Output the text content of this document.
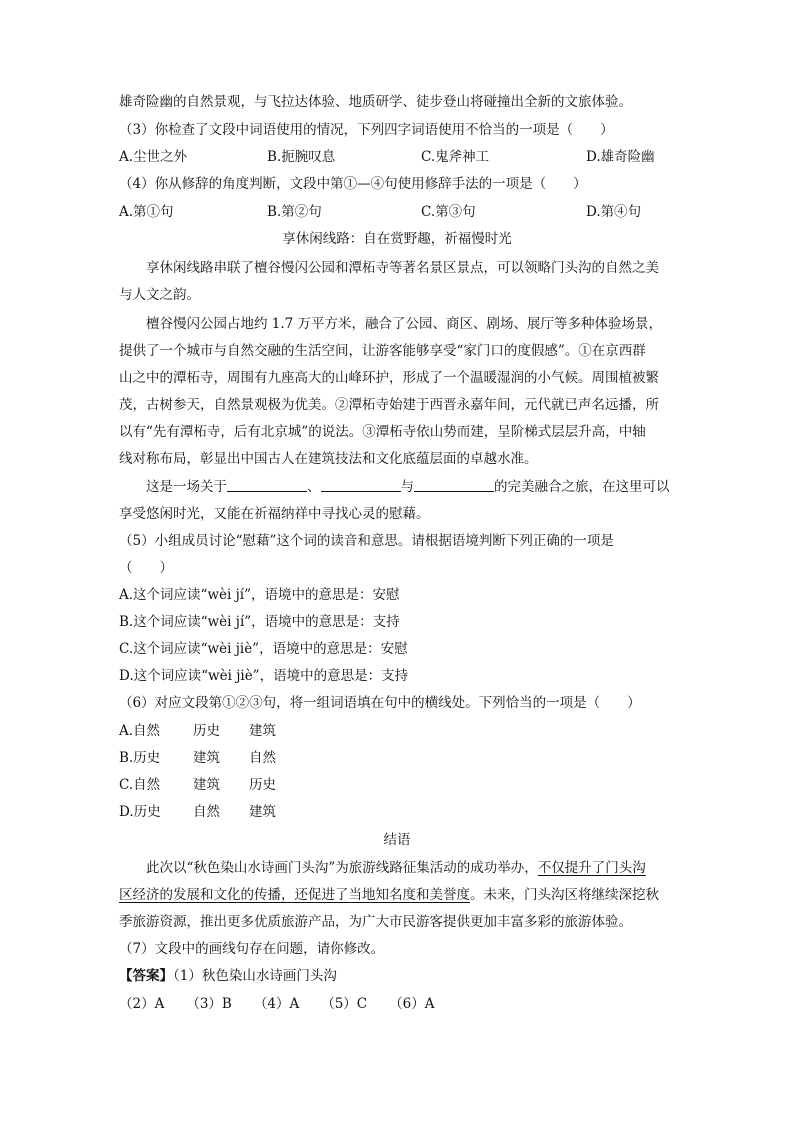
雄奇险幽的自然景观，与飞拉达体验、地质研学、徒步登山将碰撞出全新的文旅体验。
（3）你检查了文段中词语使用的情况，下列四字词语使用不恰当的一项是（　　）
A.尘世之外	B.扼腕叹息	C.鬼斧神工	D.雄奇险幽
（4）你从修辞的角度判断，文段中第①—④句使用修辞手法的一项是（　　）
A.第①句	B.第②句	C.第③句	D.第④句
享休闲线路：自在赏野趣，祈福慢时光
享休闲线路串联了檀谷慢闪公园和潭柘寺等著名景区景点，可以领略门头沟的自然之美
与人文之韵。
檀谷慢闪公园占地约 1.7 万平方米，融合了公园、商区、剧场、展厅等多种体验场景，
提供了一个城市与自然交融的生活空间，让游客能够享受“家门口的度假感”。①在京西群
山之中的潭柘寺，周围有九座高大的山峰环护，形成了一个温暖湿润的小气候。周围植被繁
茂，古树参天，自然景观极为优美。②潭柘寺始建于西晋永嘉年间，元代就已声名远播，所
以有“先有潭柘寺，后有北京城”的说法。③潭柘寺依山势而建，呈阶梯式层层升高，中轴
线对称布局，彰显出中国古人在建筑技法和文化底蕴层面的卓越水准。
这是一场关于	、	与	的完美融合之旅，在这里可以
享受悠闲时光，又能在祈福纳祥中寻找心灵的慰藉。
（5）小组成员讨论“慰藉”这个词的读音和意思。请根据语境判断下列正确的一项是
（　　）
A.这个词应读“wèi jí”，语境中的意思是：安慰
B.这个词应读“wèi jí”，语境中的意思是：支持
C.这个词应读“wèi jiè”，语境中的意思是：安慰
D.这个词应读“wèi jiè”，语境中的意思是：支持
（6）对应文段第①②③句，将一组词语填在句中的横线处。下列恰当的一项是（　　）
A.自然 历史 建筑
B.历史 建筑 自然
C.自然 建筑 历史
D.历史 自然 建筑
结语
此次以“秋色染山水诗画门头沟”为旅游线路征集活动的成功举办，不仅提升了门头沟
区经济的发展和文化的传播，还促进了当地知名度和美誉度。未来，门头沟区将继续深挖秋
季旅游资源，推出更多优质旅游产品，为广大市民游客提供更加丰富多彩的旅游体验。
（7）文段中的画线句存在问题，请你修改。
【答案】（1）秋色染山水诗画门头沟
（2）A （3）B （4）A （5）C （6）A
